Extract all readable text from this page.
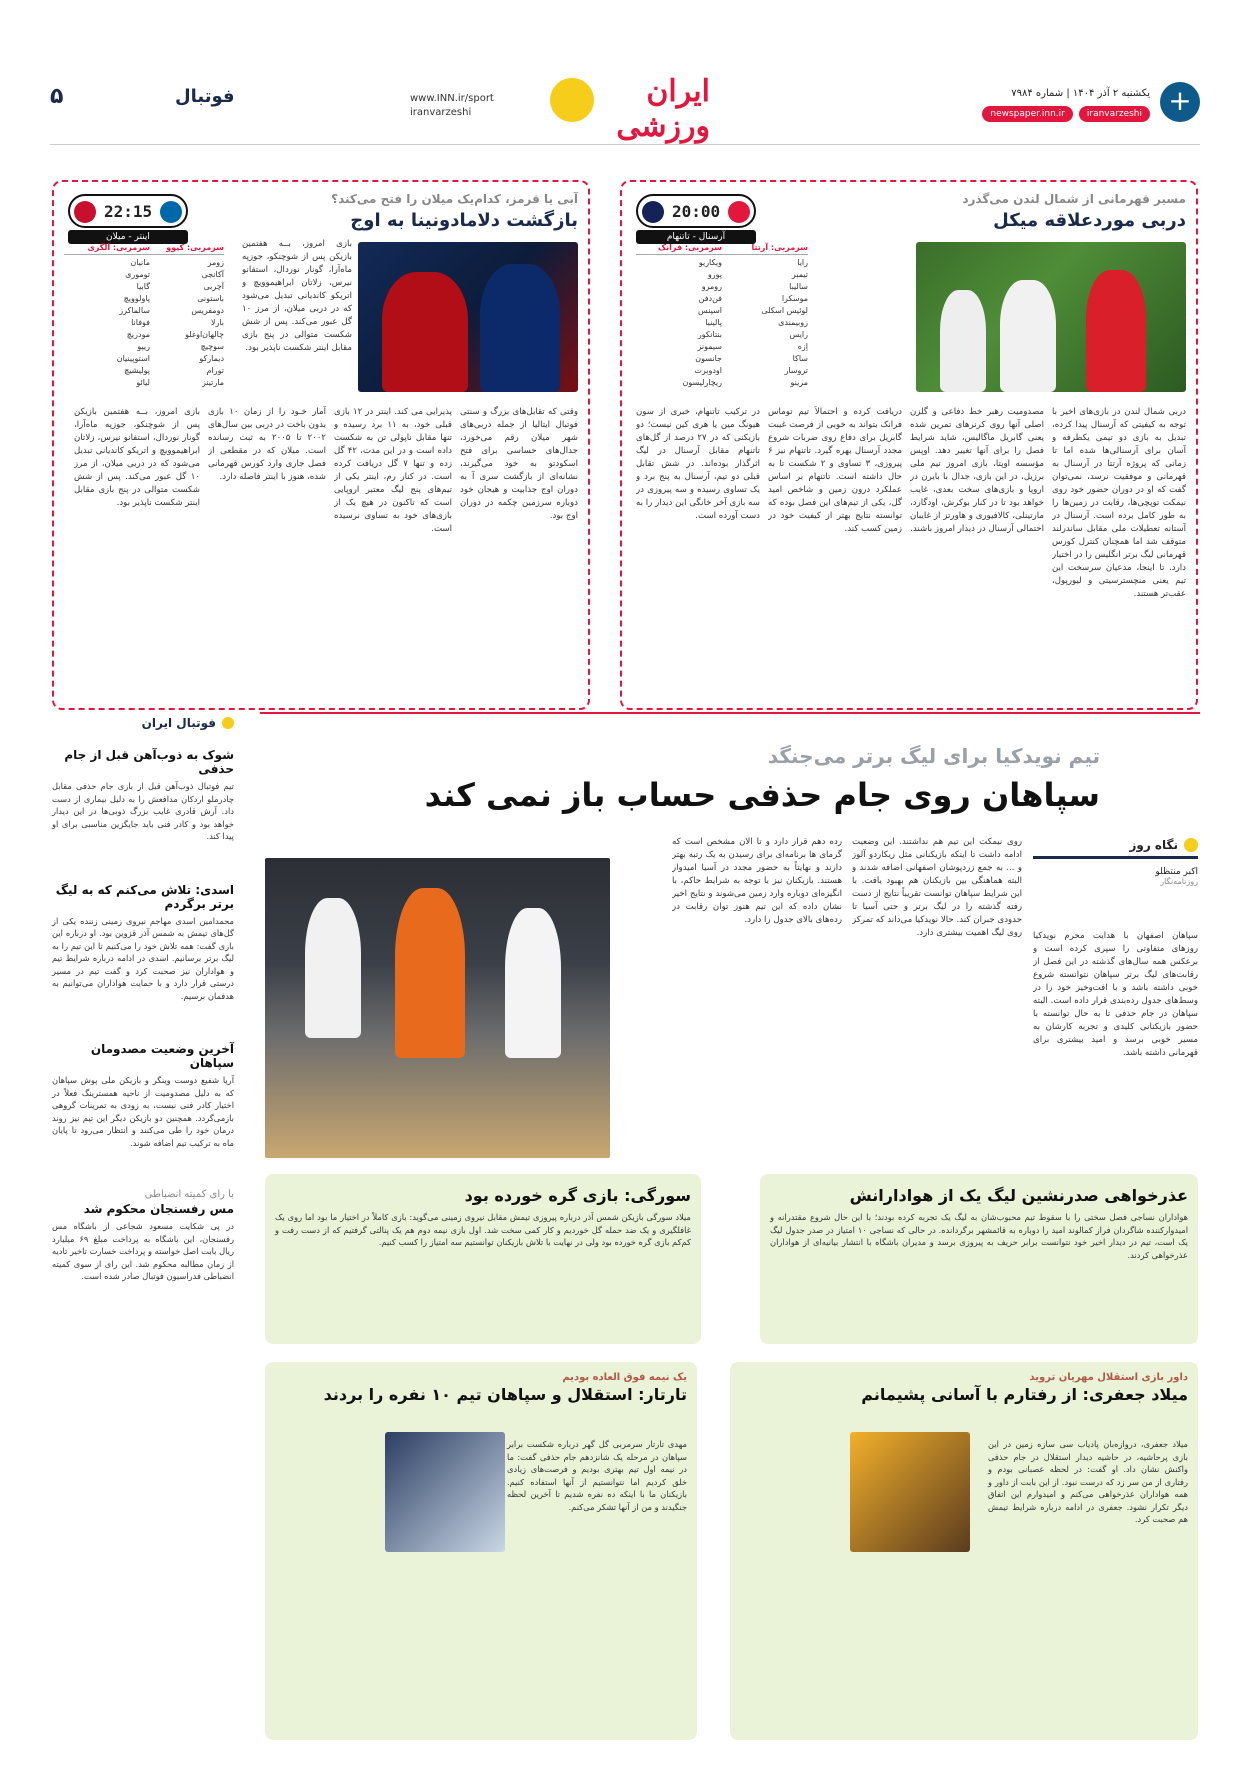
+
یکشنبه ۲ آذر ۱۴۰۴ | شماره ۷۹۸۴
iranvarzeshi
newspaper.inn.ir
ایران ورزشی
www.INN.ir/sport
iranvarzeshi
فوتبال
۵
مسیر قهرمانی از شمال لندن می‌گذرد
دربی موردعلاقه میکل
20:00
آرسنال - تاتنهام
سرمربی: آرتتا
رایا
تیمبر
سالیبا
موسکرا
لوئیس اسکلی
زوبیمندی
رایس
اِزه
ساکا
تروسار
مرینو
سرمربی: فرانک
ویکاریو
پورو
رومرو
فن‌دفن
اسپنس
پالینیا
بنتانکور
سیمونز
جانسون
اودوبرت
ریچارلیسون
دربی شمال لندن در بازی‌های اخیر با توجه به کیفیتی که آرسنال پیدا کرده، تبدیل به بازی دو تیمی یکطرفه و آسان برای آرسنالی‌ها شده اما تا زمانی که پروژه آرتتا در آرسنال به قهرمانی و موفقیت نرسد، نمی‌توان گفت که او در دوران حضور خود روی نیمکت توپچی‌ها، رقابت در زمین‌ها را به طور کامل برده است. آرسنال در آستانه تعطیلات ملی مقابل ساندرلند متوقف شد اما همچنان کنترل کورس قهرمانی لیگ برتر انگلیس را در اختیار دارد. تا اینجا، مدعیان سرسخت این تیم یعنی منچسترسیتی و لیورپول، عقب‌تر هستند.
مصدومیت رهبر خط دفاعی و گلزن اصلی آنها روی کرنرهای تمرین شده یعنی گابریل ماگالیس، شاید شرایط فصل را برای آنها تغییر دهد. اوپس مؤسسه اوپتا، بازی امروز تیم ملی برزیل، در این بازی، جدال با بایرن در اروپا و بازی‌های سخت بعدی، غایب خواهد بود تا در کنار بوکرش، اودگارد، مارتینلی، کالافیوری و هاورتز از غایبان احتمالی آرسنال در دیدار امروز باشند.
دریافت کرده و احتمالاً تیم توماس فرانک بتواند به خوبی از فرصت غیبت گابریل برای دفاع روی ضربات شروع مجدد آرسنال بهره ‌گیرد. تاتنهام نیز ۶ پیروزی، ۳ تساوی و ۲ شکست تا به حال داشته است. تاتنهام بر اساس عملکرد درون زمین و شاخص امید گل، یکی از تیم‌های این فصل بوده که توانسته نتایج بهتر از کیفیت خود در زمین کسب کند.
در ترکیب تاتنهام، خبری از سون هیونگ مین یا هری کین نیست؛ دو بازیکنی که در ۲۷ درصد از گل‌های تاتنهام مقابل آرسنال در لیگ اثرگذار بوده‌اند. در شش تقابل قبلی دو تیم، آرسنال به پنج برد و یک تساوی رسیده و سه پیروزی در سه بازی آخر خانگی این دیدار را به دست آورده است.
آبی یا قرمز، کدام‌یک میلان را فتح می‌کند؟
بازگشت دلامادونینا به اوج
22:15
اینتر - میلان
سرمربی: کیوو
زومر
آکانجی
آچربی
باستونی
دومفریس
بارلا
چالهان‌اوغلو
سوچیچ
دیمارکو
تورام
مارتینز
سرمربی: آلگری
مانیان
توموری
گابیا
پاولوویچ
سالماکرز
فوفانا
مودریچ
ریپو
استوپینیان
پولیشیچ
لیائو
بازی امروز، بــه هفتمین بازیکن پس از شوچنکو، جوزپه ماه‌آرا، گونار نوردال، استفانو نیرس، زلاتان ابراهیموویچ و اتریکو کاندیانی تبدیل می‌شود که در دربی میلان، از مرز ۱۰ گل عبور می‌کند. پس از شش شکست متوالی در پنج بازی مقابل اینتر شکست ناپذیر بود.
وقتی که تقابل‌های بزرگ و سنتی فوتبال ایتالیا از جمله دربی‌های شهر میلان رقم می‌خورد، جدال‌های حساسی برای فتح اسکودتو به خود می‌گیرند، نشانه‌ای از بازگشت سری آ به دوران اوج جذابیت و هیجان خود دوباره سرزمین چکمه در دوران اوج بود.
پذیرایی می کند. اینتر در ۱۲ بازی قبلی خود، به ۱۱ برد رسیده و تنها مقابل ناپولی تن به شکست داده است و در این مدت، ۴۲ گل زده و تنها ۷ گل دریافت کرده است. در کنار رم، اینتر یکی از تیم‌های پنج لیگ معتبر اروپایی است که تاکنون در هیچ یک از بازی‌های خود به تساوی نرسیده است.
آمار خـود را از زمان ۱۰ بازی بدون باخت در دربی بین سال‌های ۲۰۰۲ تا ۲۰۰۵ به ثبت رسانده است. میلان که در مقطعی از فصل جاری وارد کورس قهرمانی شده، هنوز با اینتر فاصله دارد.
بازی امروز، بــه هفتمین بازیکن پس از شوچنکو، جوزپه ماه‌آرا، گونار نوردال، استفانو نیرس، زلاتان ابراهیموویچ و اتریکو کاندیانی تبدیل می‌شود که در دربی میلان، از مرز ۱۰ گل عبور می‌کند. پس از شش شکست متوالی در پنج بازی مقابل اینتر شکست ناپذیر بود.
تیم نویدکیا برای لیگ برتر می‌جنگد
سپاهان روی جام حذفی حساب باز نمی کند
نگاه روز
اکبر منتظلو
روزنامه‌نگار
سپاهان اصفهان با هدایت محرم نویدکیا روزهای متفاوتی را سپری کرده است و برعکس همه سال‌های گذشته در این فصل از رقابت‌های لیگ برتر سپاهان نتوانسته شروع خوبی داشته باشد و با افت‌وخیز خود را در وسط‌های جدول رده‌بندی قرار داده است. البته سپاهان در جام حذفی تا به حال توانسته با حضور بازیکنانی کلیدی و تجربه کارشان به مسیر خوبی برسد و امید بیشتری برای قهرمانی داشته باشد.
روی نیمکت این تیم هم نداشتند. این وضعیت ادامه داشت تا اینکه بازیکنانی مثل ریکاردو آلوز و ... به جمع زردپوشان اصفهانی اضافه شدند و البته هماهنگی بین بازیکنان هم بهبود یافت. با این شرایط سپاهان توانست تقریباً نتایج از دست رفته گذشته را در لیگ برتر و حتی آسیا تا حدودی جبران کند. حالا نویدکیا می‌داند که تمرکز روی لیگ اهمیت بیشتری دارد.
رده دهم قرار دارد و تا الان مشخص است که گرمای ها برنامه‌ای برای رسیدن به یک رتبه بهتر دارند و نهایتاً به حضور مجدد در آسیا امیدوار هستند. بازیکنان نیز با توجه به شرایط حاکم، با انگیزه‌ای دوباره وارد زمین می‌شوند و نتایج اخیر نشان داده که این تیم هنوز توان رقابت در رده‌های بالای جدول را دارد.
فوتبال ایران
شوک به ذوب‌آهن قبل از جام حذفی

تیم فوتبال ذوب‌آهن قبل از بازی جام حذفی مقابل چادرملو اردکان مدافعش را به دلیل بیماری از دست داد. آرش قادری غایب بزرگ ذوبی‌ها در این دیدار خواهد بود و کادر فنی باید جایگزین مناسبی برای او پیدا کند.

اسدی: تلاش می‌کنم که به لیگ برتر برگردم

محمدامین اسدی مهاجم نیروی زمینی زننده یکی از گل‌های تیمش به شمس آذر قزوین بود. او درباره این بازی گفت: همه تلاش خود را می‌کنیم تا این تیم را به لیگ برتر برسانیم. اسدی در ادامه درباره شرایط تیم و هواداران نیز صحبت کرد و گفت تیم در مسیر درستی قرار دارد و با حمایت هواداران می‌توانیم به هدفمان برسیم.

آخرین وضعیت مصدومان سپاهان

آریا شفیع دوست وینگر و بازیکن ملی پوش سپاهان که به دلیل مصدومیت از ناحیه همسترینگ فعلاً در اختیار کادر فنی نیست، به زودی به تمرینات گروهی بازمی‌گردد. همچنین دو بازیکن دیگر این تیم نیز روند درمان خود را طی می‌کنند و انتظار می‌رود تا پایان ماه به ترکیب تیم اضافه شوند.

با رای کمیته انضباطی
مس رفسنجان محکوم شد

در پی شکایت مسعود شجاعی از باشگاه مس رفسنجان، این باشگاه به پرداخت مبلغ ۶۹ میلیارد ریال بابت اصل خواسته و پرداخت خسارت تاخیر تادیه از زمان مطالبه محکوم شد. این رای از سوی کمیته انضباطی فدراسیون فوتبال صادر شده است.

عذرخواهی صدرنشین لیگ یک از هوادارانش
هواداران نساجی فصل سختی را با سقوط تیم محبوب‌شان به لیگ یک تجربه کرده بودند؛ با این حال شروع مقتدرانه و امیدوارکننده شاگردان فراز کمالوند امید را دوباره به قائمشهر برگردانده. در حالی که نساجی ۱۰ امتیاز در صدر جدول لیگ یک است، تیم در دیدار اخیر خود نتوانست برابر حریف به پیروزی برسد و مدیران باشگاه با انتشار بیانیه‌ای از هواداران عذرخواهی کردند.
سورگی: بازی گره خورده بود
میلاد سورگی بازیکن شمس آذر درباره پیروزی تیمش مقابل نیروی زمینی می‌گوید: بازی کاملاً در اختیار ما بود اما روی یک غافلگیری و یک ضد حمله گل خوردیم و کار کمی سخت شد. اول بازی نیمه دوم هم یک پنالتی گرفتیم که از دست رفت و کم‌کم بازی گره خورده بود ولی در نهایت با تلاش بازیکنان توانستیم سه امتیاز را کسب کنیم.
داور بازی استقلال مهریان تروید
میلاد جعفری: از رفتارم با آسانی پشیمانم
میلاد جعفری، دروازه‌بان پادیاب سی سازه زمین در این بازی پرحاشیه، در حاشیه دیدار استقلال در جام حذفی واکنش نشان داد. او گفت: در لحظه عصبانی بودم و رفتاری از من سر زد که درست نبود. از این بابت از داور و همه هواداران عذرخواهی می‌کنم و امیدوارم این اتفاق دیگر تکرار نشود. جعفری در ادامه درباره شرایط تیمش هم صحبت کرد.
یک نیمه فوق العاده بودیم
تارتار: استقلال و سپاهان تیم ۱۰ نفره را بردند
مهدی تارتار سرمربی گل گهر درباره شکست برابر سپاهان در مرحله یک شانزدهم جام حذفی گفت: ما در نیمه اول تیم بهتری بودیم و فرصت‌های زیادی خلق کردیم اما نتوانستیم از آنها استفاده کنیم. بازیکنان ما با اینکه ده نفره شدیم تا آخرین لحظه جنگیدند و من از آنها تشکر می‌کنم.
